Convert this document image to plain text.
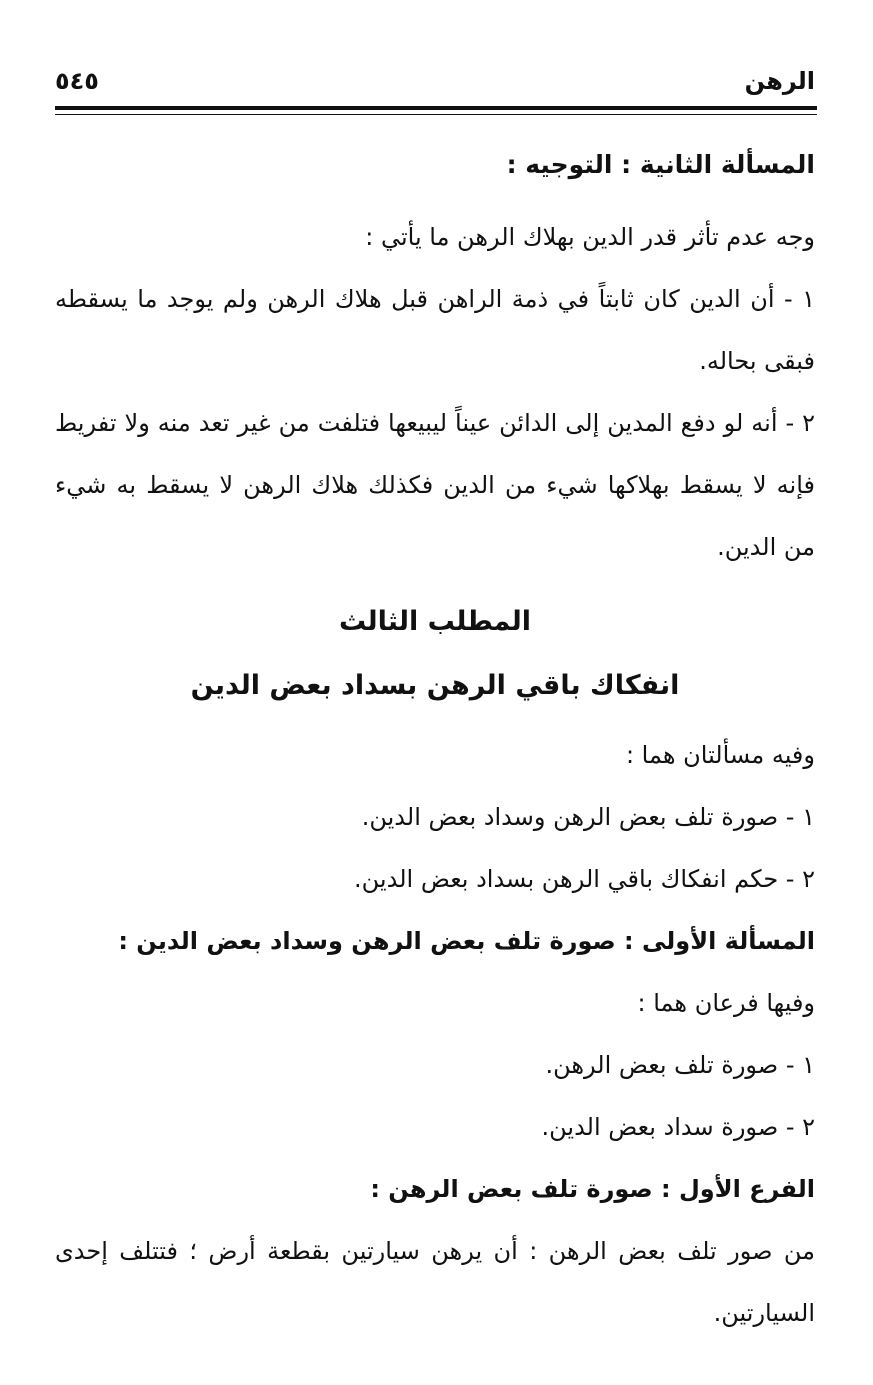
الرهن
٥٤٥
المسألة الثانية : التوجيه :

وجه عدم تأثر قدر الدين بهلاك الرهن ما يأتي :

١ - أن الدين كان ثابتاً في ذمة الراهن قبل هلاك الرهن ولم يوجد ما يسقطه فبقى بحاله.

٢ - أنه لو دفع المدين إلى الدائن عيناً ليبيعها فتلفت من غير تعد منه ولا تفريط فإنه لا يسقط بهلاكها شيء من الدين فكذلك هلاك الرهن لا يسقط به شيء من الدين.

المطلب الثالث
انفكاك باقي الرهن بسداد بعض الدين

وفيه مسألتان هما :

١ - صورة تلف بعض الرهن وسداد بعض الدين.

٢ - حكم انفكاك باقي الرهن بسداد بعض الدين.

المسألة الأولى : صورة تلف بعض الرهن وسداد بعض الدين :

وفيها فرعان هما :

١ - صورة تلف بعض الرهن.

٢ - صورة سداد بعض الدين.

الفرع الأول : صورة تلف بعض الرهن :

من صور تلف بعض الرهن : أن يرهن سيارتين بقطعة أرض ؛ فتتلف إحدى السيارتين.
